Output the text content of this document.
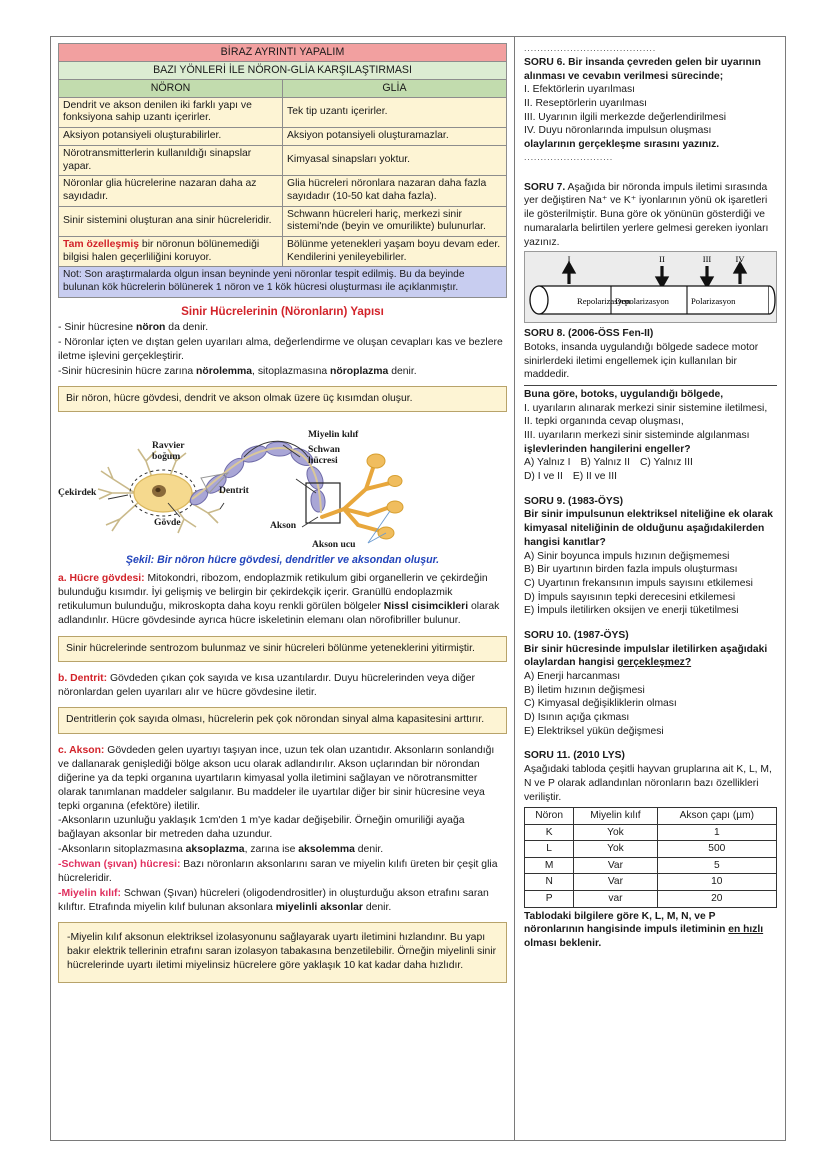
BİRAZ AYRINTI YAPALIM	
BAZI YÖNLERİ İLE NÖRON-GLİA KARŞILAŞTIRMASI	
NÖRON	GLİA
Dendrit ve akson denilen iki farklı yapı ve fonksiyona sahip uzantı içerirler.	Tek tip uzantı içerirler.
Aksiyon potansiyeli oluşturabilirler.	Aksiyon potansiyeli oluşturamazlar.
Nörotransmitterlerin kullanıldığı sinapslar yapar.	Kimyasal sinapsları yoktur.
Nöronlar glia hücrelerine nazaran daha az sayıdadır.	Glia hücreleri nöronlara nazaran daha fazla sayıdadır (10-50 kat daha fazla).
Sinir sistemini oluşturan ana sinir hücreleridir.	Schwann hücreleri hariç, merkezi sinir sistemi'nde (beyin ve omurilikte) bulunurlar.
Tam özelleşmiş bir nöronun bölünemediği bilgisi halen geçerliliğini koruyor.	Bölünme yetenekleri yaşam boyu devam eder. Kendilerini yenileyebilirler.
Not: Son araştırmalarda olgun insan beyninde yeni nöronlar tespit edilmiş. Bu da beyinde bulunan kök hücrelerin bölünerek 1 nöron ve 1 kök hücresi oluşturması ile açıklanmıştır.	
Sinir Hücrelerinin (Nöronların) Yapısı
- Sinir hücresine nöron da denir.
- Nöronlar içten ve dıştan gelen uyarıları alma, değerlendirme ve oluşan cevapları kas ve bezlere iletme işlevini gerçekleştirir.
-Sinir hücresinin hücre zarına nörolemma, sitoplazmasına nöroplazma denir.
Bir nöron, hücre gövdesi, dendrit ve akson olmak üzere üç kısımdan oluşur.
Çekirdek
Gövde
Ravvier boğum
Dentrit
Miyelin kılıf
Schwan hücresi
Akson
Akson ucu
Şekil: Bir nöron hücre gövdesi, dendritler ve aksondan oluşur.
a. Hücre gövdesi: Mitokondri, ribozom, endoplazmik retikulum gibi organellerin ve çekirdeğin bulunduğu kısımdır. İyi gelişmiş ve belirgin bir çekirdekçik içerir. Granüllü endoplazmik retikulumun bulunduğu, mikroskopta daha koyu renkli görülen bölgeler Nissl cisimcikleri olarak adlandınlır. Hücre gövdesinde ayrıca hücre iskeletinin elemanı olan nörofibriller bulunur.
Sinir hücrelerinde sentrozom bulunmaz ve sinir hücreleri bölünme yeteneklerini yitirmiştir.
b. Dentrit: Gövdeden çıkan çok sayıda ve kısa uzantılardır. Duyu hücrelerinden veya diğer nöronlardan gelen uyarıları alır ve hücre gövdesine iletir.
Dentritlerin çok sayıda olması, hücrelerin pek çok nörondan sinyal alma kapasitesini arttırır.
c. Akson: Gövdeden gelen uyartıyı taşıyan ince, uzun tek olan uzantıdır. Aksonların sonlandığı ve dallanarak genişlediği bölge akson ucu olarak adlandırılır. Akson uçlarından bir nörondan diğerine ya da tepki organına uyartıların kimyasal yolla iletimini sağlayan ve nörotransmitter olarak tanımlanan maddeler salgılanır. Bu maddeler ile uyartılar diğer bir sinir hücresine veya tepki organına (efektöre) iletilir.
-Aksonların uzunluğu yaklaşık 1cm'den 1 m'ye kadar değişebilir. Örneğin omuriliği ayağa bağlayan aksonlar bir metreden daha uzundur.
-Aksonların sitoplazmasına aksoplazma, zarına ise aksolemma denir.
-Schwan (şıvan) hücresi: Bazı nöronların aksonlarını saran ve miyelin kılıfı üreten bir çeşit glia hücreleridir.
-Miyelin kılıf: Schwan (Şıvan) hücreleri (oligodendrositler) in oluşturduğu akson etrafını saran kılıftır. Etrafında miyelin kılıf bulunan aksonlara miyelinli aksonlar denir.
-Miyelin kılıf aksonun elektriksel izolasyonunu sağlayarak uyartı iletimini hızlandınr. Bu yapı bakır elektrik tellerinin etrafını saran izolasyon tabakasına benzetilebilir. Örneğin miyelinli sinir hücrelerinde uyartı iletimi miyelinsiz hücrelere göre yaklaşık 10 kat kadar daha hızlıdır.
........................................
SORU 6. Bir insanda çevreden gelen bir uyarının alınması ve cevabın verilmesi sürecinde;
I. Efektörlerin uyarılması
II. Reseptörlerin uyarılması
III. Uyarının ilgili merkezde değerlendirilmesi
IV. Duyu nöronlarında impulsun oluşması
olaylarının gerçekleşme sırasını yazınız.
...........................
SORU 7. Aşağıda bir nöronda impuls iletimi sırasında yer değiştiren Na⁺ ve K⁺ iyonlarının yönü ok işaretleri ile gösterilmiştir. Buna göre ok yönünün gösterdiği ve numaralarla belirtilen yerlere gelmesi gereken iyonları yazınız.
I	II	III	IV
Repolarizasyon
Depolarizasyon	Polarizasyon
SORU 8. (2006-ÖSS Fen-II)
Botoks, insanda uygulandığı bölgede sadece motor sinirlerdeki iletimi engellemek için kullanılan bir maddedir.
Buna göre, botoks, uygulandığı bölgede,
I. uyarıların alınarak merkezi sinir sistemine iletilmesi,
II. tepki organında cevap oluşması,
III. uyarıların merkezi sinir sisteminde algılanması
işlevlerinden hangilerini engeller?
A) Yalnız I B) Yalnız II C) Yalnız III
D) I ve II E) II ve III
SORU 9. (1983-ÖYS)
Bir sinir impulsunun elektriksel niteliğine ek olarak kimyasal niteliğinin de olduğunu aşağıdakilerden hangisi kanıtlar?
A) Sinir boyunca impuls hızının değişmemesi
B) Bir uyartının birden fazla impuls oluşturması
C) Uyartının frekansının impuls sayısını etkilemesi
D) İmpuls sayısının tepki derecesini etkilemesi
E) İmpuls iletilirken oksijen ve enerji tüketilmesi
SORU 10. (1987-ÖYS)
Bir sinir hücresinde impulslar iletilirken aşağıdaki olaylardan hangisi gerçekleşmez?
A) Enerji harcanması
B) İletim hızının değişmesi
C) Kimyasal değişikliklerin olması
D) Isının açığa çıkması
E) Elektriksel yükün değişmesi
SORU 11. (2010 LYS)
Aşağıdaki tabloda çeşitli hayvan gruplarına ait K, L, M, N ve P olarak adlandınlan nöronların bazı özellikleri veriliştir.
Nöron	Miyelin kılıf	Akson çapı (µm)
K	Yok	1
L	Yok	500
M	Var	5
N	Var	10
P	var	20
Tablodaki bilgilere göre K, L, M, N, ve P nöronlarının hangisinde impuls iletiminin en hızlı olması beklenir.
